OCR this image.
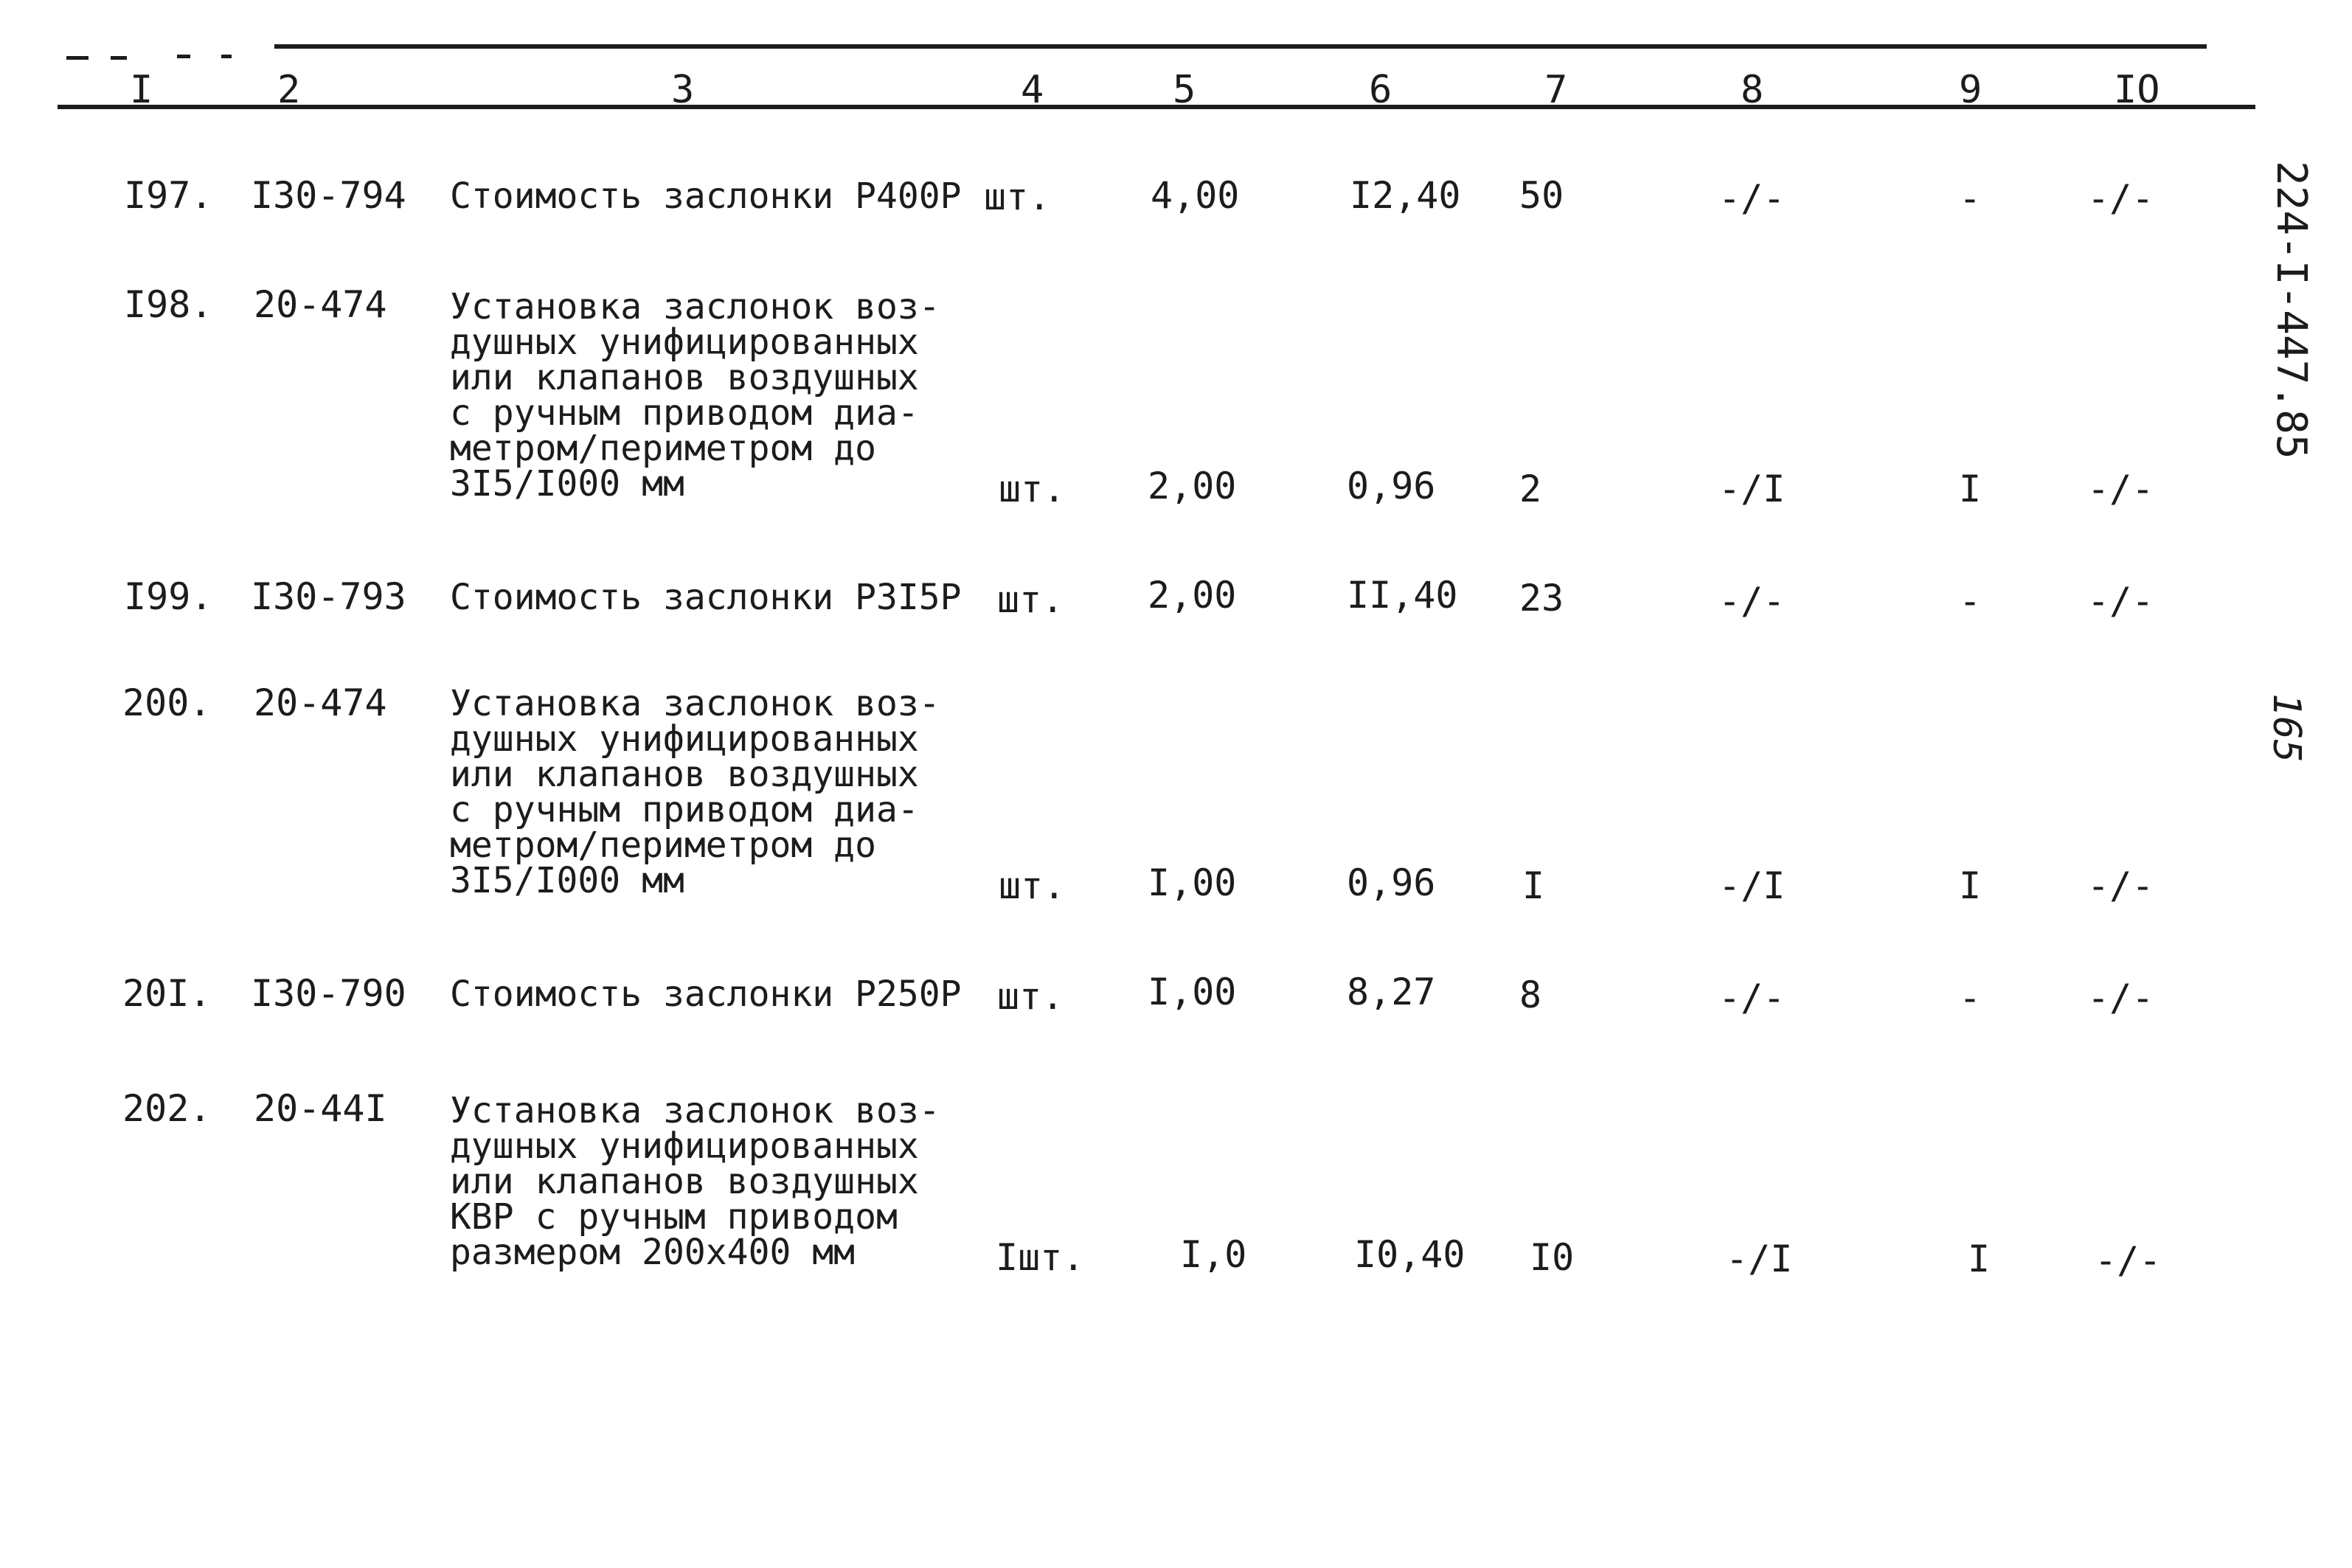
I	2	3	4	5	6	7	8	9	IO
I97. I30-794 Стоимость заслонки Р400Р шт.	4,00	I2,40 50	-/-	-	-/-
I98. 20-474 Установка заслонок воз-
душных унифицированных
или клапанов воздушных
с ручным приводом диа-
метром/периметром до
3I5/I000 мм	шт. 2,00	0,96 2	-/I	I	-/-
I99. I30-793 Стоимость заслонки Р3I5Р шт. 2,00	II,40 23	-/-	-	-/-
200. 20-474 Установка заслонок воз-
душных унифицированных
или клапанов воздушных
с ручным приводом диа-
метром/периметром до
3I5/I000 мм	шт. I,00	0,96 I	-/I	I	-/-
20I. I30-790 Стоимость заслонки Р250Р шт. I,00	8,27 8	-/-	-	-/-
202. 20-44I Установка заслонок воз-
душных унифицированных
или клапанов воздушных
КВР с ручным приводом
размером 200х400 мм	Iшт.	I,0	I0,40 I0	-/I	I	-/-
224-I-447.85
165
